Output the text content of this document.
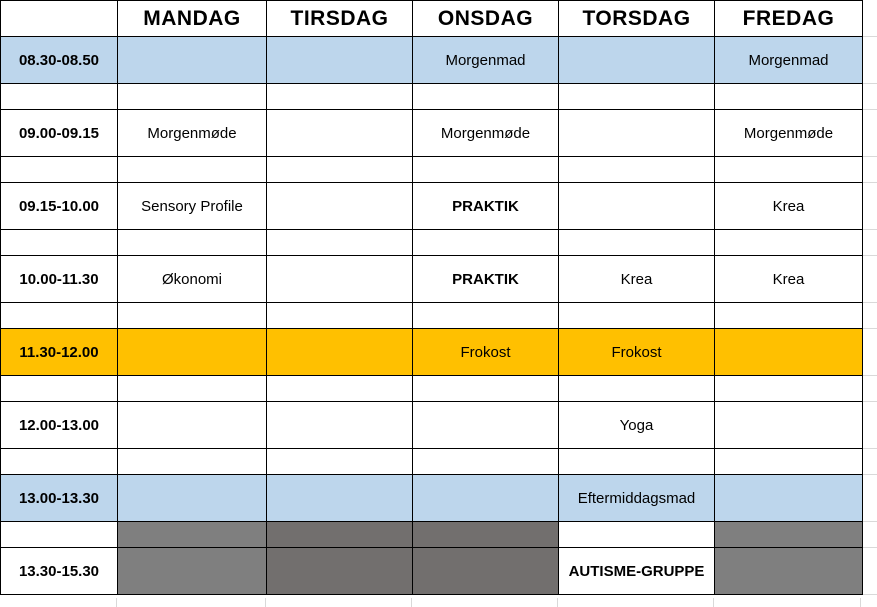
	MANDAG	TIRSDAG	ONSDAG	TORSDAG	FREDAG
08.30-08.50			Morgenmad		Morgenmad

09.00-09.15	Morgenmøde		Morgenmøde		Morgenmøde

09.15-10.00	Sensory Profile		PRAKTIK		Krea

10.00-11.30	Økonomi		PRAKTIK	Krea	Krea

11.30-12.00			Frokost	Frokost	

12.00-13.00				Yoga	

13.00-13.30				Eftermiddagsmad	

13.30-15.30				AUTISME-GRUPPE	
